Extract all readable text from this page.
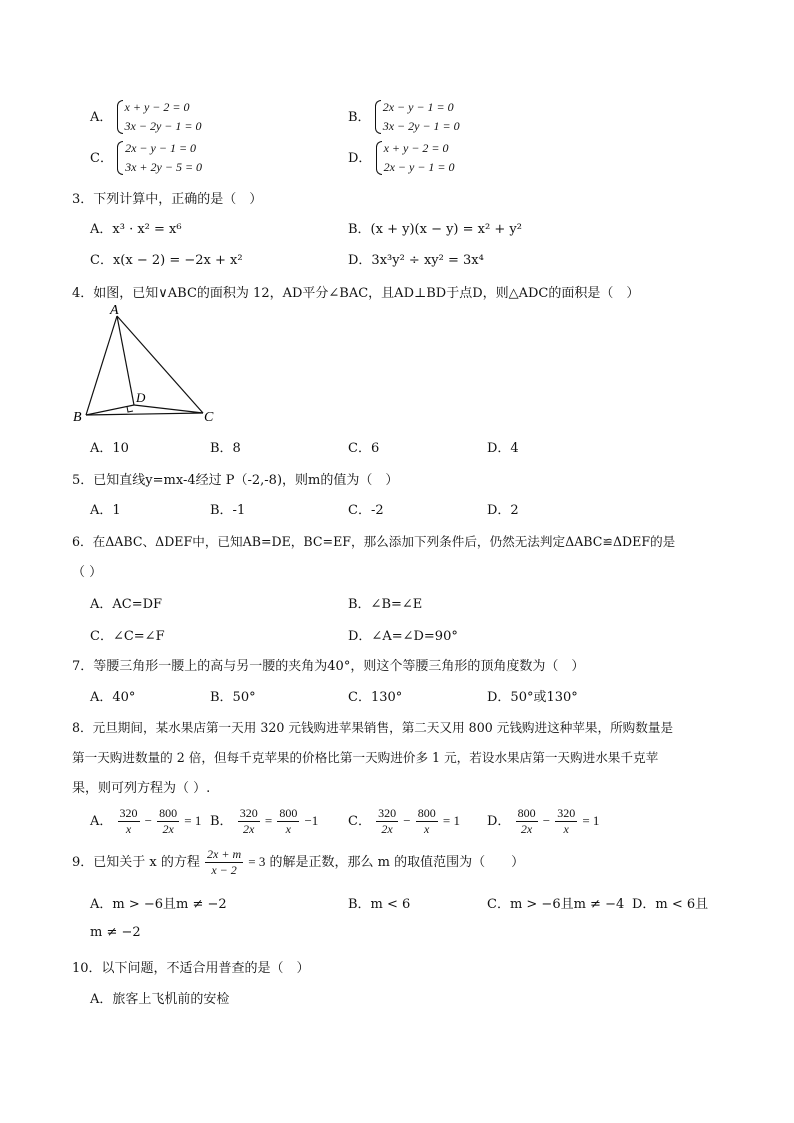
A．
x + y − 2 = 0
3x − 2y − 1 = 0
B．
2x − y − 1 = 0
3x − 2y − 1 = 0
C．
2x − y − 1 = 0
3x + 2y − 5 = 0
D．
x + y − 2 = 0
2x − y − 1 = 0
3．下列计算中，正确的是（　）
A．x³ · x² = x⁶	B．(x + y)(x − y) = x² + y²
C．x(x − 2) = −2x + x²	D．3x³y² ÷ xy² = 3x⁴
4．如图，已知∨ABC的面积为 12，AD平分∠BAC，且AD⊥BD于点D，则△ADC的面积是（　）
A
B	C
D
A．10	B．8	C．6	D．4
5．已知直线y=mx-4经过 P（-2,-8)，则m的值为（　）
A．1	B．-1	C．-2	D．2
6．在ΔABC、ΔDEF中，已知AB=DE，BC=EF，那么添加下列条件后，仍然无法判定ΔABC≌ΔDEF的是
（ ）
A．AC=DF	B．∠B=∠E
C．∠C=∠F	D．∠A=∠D=90°
7．等腰三角形一腰上的高与另一腰的夹角为40°，则这个等腰三角形的顶角度数为（　）
A．40°	B．50°	C．130°	D．50°或130°
8．元旦期间，某水果店第一天用 320 元钱购进苹果销售，第二天又用 800 元钱购进这种苹果，所购数量是
第一天购进数量的 2 倍，但每千克苹果的价格比第一天购进价多 1 元，若设水果店第一天购进水果千克苹
果，则可列方程为（ ）.
A． $\frac{320}{x} - \frac{800}{2x} = 1$ B． $\frac{320}{2x} = \frac{800}{x} -1$ C． $\frac{320}{2x} - \frac{800}{x} = 1$ D． $\frac{800}{2x} - \frac{320}{x} = 1$
9．已知关于 x 的方程 $\frac{2x + m}{x - 2} = 3$ 的解是正数，那么 m 的取值范围为（　　）
A．m > −6且m ≠ −2	B．m < 6	C．m > −6且m ≠ −4 D．m < 6且
m ≠ −2
10．以下问题，不适合用普查的是（　）
A．旅客上飞机前的安检
